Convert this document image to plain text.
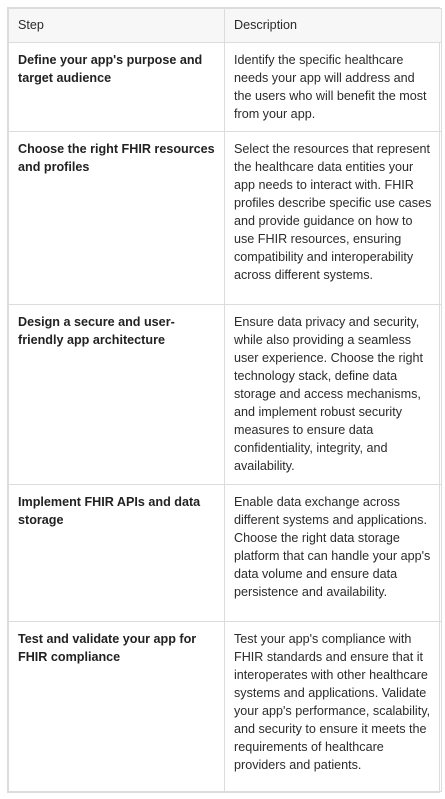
Step	Description
Define your app's purpose and target audience	Identify the specific healthcare needs your app will address and the users who will benefit the most from your app.
Choose the right FHIR resources and profiles	Select the resources that represent the healthcare data entities your app needs to interact with. FHIR profiles describe specific use cases and provide guidance on how to use FHIR resources, ensuring compatibility and interoperability across different systems.
Design a secure and user-friendly app architecture	Ensure data privacy and security, while also providing a seamless user experience. Choose the right technology stack, define data storage and access mechanisms, and implement robust security measures to ensure data confidentiality, integrity, and availability.
Implement FHIR APIs and data storage	Enable data exchange across different systems and applications. Choose the right data storage platform that can handle your app's data volume and ensure data persistence and availability.
Test and validate your app for FHIR compliance	Test your app's compliance with FHIR standards and ensure that it interoperates with other healthcare systems and applications. Validate your app's performance, scalability, and security to ensure it meets the requirements of healthcare providers and patients.
